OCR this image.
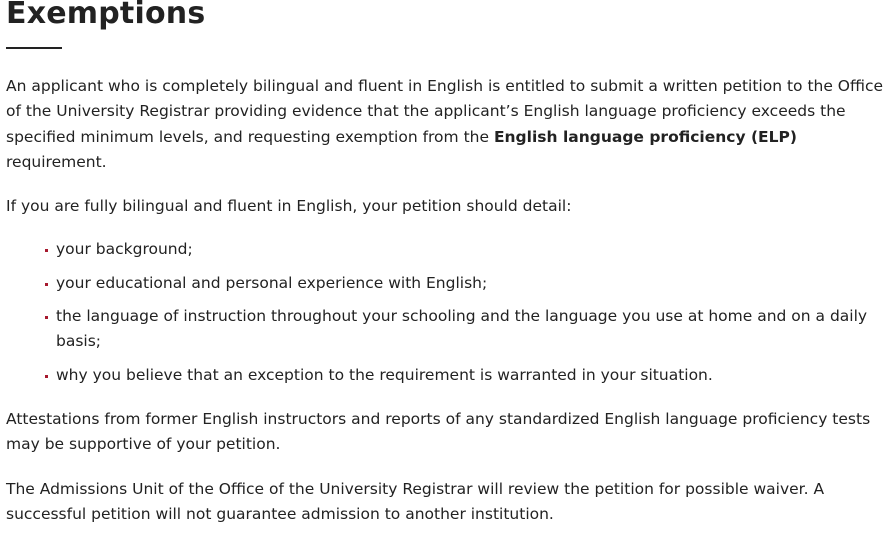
Exemptions

An applicant who is completely bilingual and fluent in English is entitled to submit a written petition to the Office of the University Registrar providing evidence that the applicant’s English language proficiency exceeds the specified minimum levels, and requesting exemption from the English language proficiency (ELP) requirement.

If you are fully bilingual and fluent in English, your petition should detail:

your background;
your educational and personal experience with English;
the language of instruction throughout your schooling and the language you use at home and on a daily basis;
why you believe that an exception to the requirement is warranted in your situation.

Attestations from former English instructors and reports of any standardized English language proficiency tests may be supportive of your petition.

The Admissions Unit of the Office of the University Registrar will review the petition for possible waiver. A successful petition will not guarantee admission to another institution.
